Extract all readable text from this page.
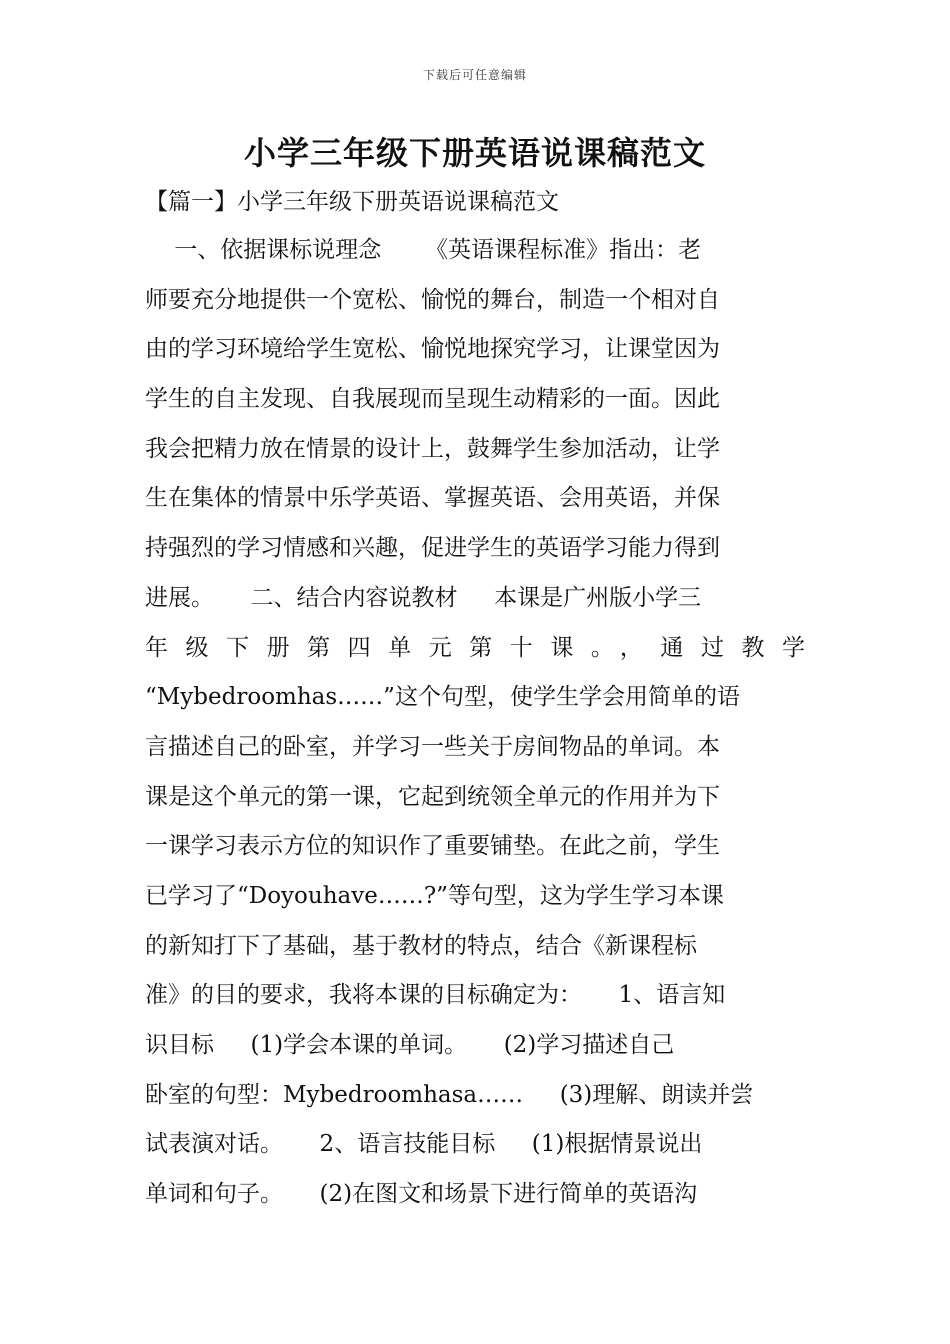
下载后可任意编辑
小学三年级下册英语说课稿范文
【篇一】小学三年级下册英语说课稿范文
一、依据课标说理念      《英语课程标准》指出：老
师要充分地提供一个宽松、愉悦的舞台，制造一个相对自
由的学习环境给学生宽松、愉悦地探究学习，让课堂因为
学生的自主发现、自我展现而呈现生动精彩的一面。因此
我会把精力放在情景的设计上，鼓舞学生参加活动，让学
生在集体的情景中乐学英语、掌握英语、会用英语，并保
持强烈的学习情感和兴趣，促进学生的英语学习能力得到
进展。     二、结合内容说教材     本课是广州版小学三
年级下册第四单元第十课。，通过教学
“Mybedroomhas……”这个句型，使学生学会用简单的语
言描述自己的卧室，并学习一些关于房间物品的单词。本
课是这个单元的第一课，它起到统领全单元的作用并为下
一课学习表示方位的知识作了重要铺垫。在此之前，学生
已学习了“Doyouhave……?”等句型，这为学生学习本课
的新知打下了基础，基于教材的特点，结合《新课程标
准》的目的要求，我将本课的目标确定为：     1、语言知
识目标     (1)学会本课的单词。     (2)学习描述自己
卧室的句型：Mybedroomhasa……     (3)理解、朗读并尝
试表演对话。     2、语言技能目标     (1)根据情景说出
单词和句子。     (2)在图文和场景下进行简单的英语沟
